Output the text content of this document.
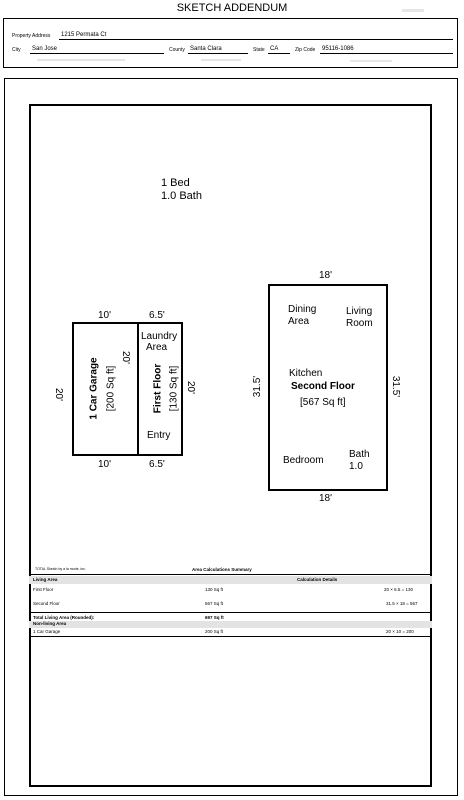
SKETCH ADDENDUM
Property Address 1215 Permata Ct
City San Jose	County Santa Clara	State CA	Zip Code 95116-1086
1 Bed
1.0 Bath
10'
10'
20'
20'
1 Car Garage [200 Sq ft]
6.5'
6.5'
20'
Laundry
Area
First Floor [130 Sq ft]
Entry
18'
18'
31.5'	31.5'
Dining
Area
Living
Room
Kitchen
Second Floor
[567 Sq ft]
Bedroom
Bath
1.0
TOTAL Sketch by a la mode, inc.	Area Calculations Summary
Living Area	Calculation Details
First Floor	130 Sq ft	20 × 6.5 = 130
Second Floor	567 Sq ft	31.5 × 18 = 567
Total Living Area (Rounded):	697 Sq ft
Non-living Area
1 Car Garage	200 Sq ft	20 × 10 = 200
